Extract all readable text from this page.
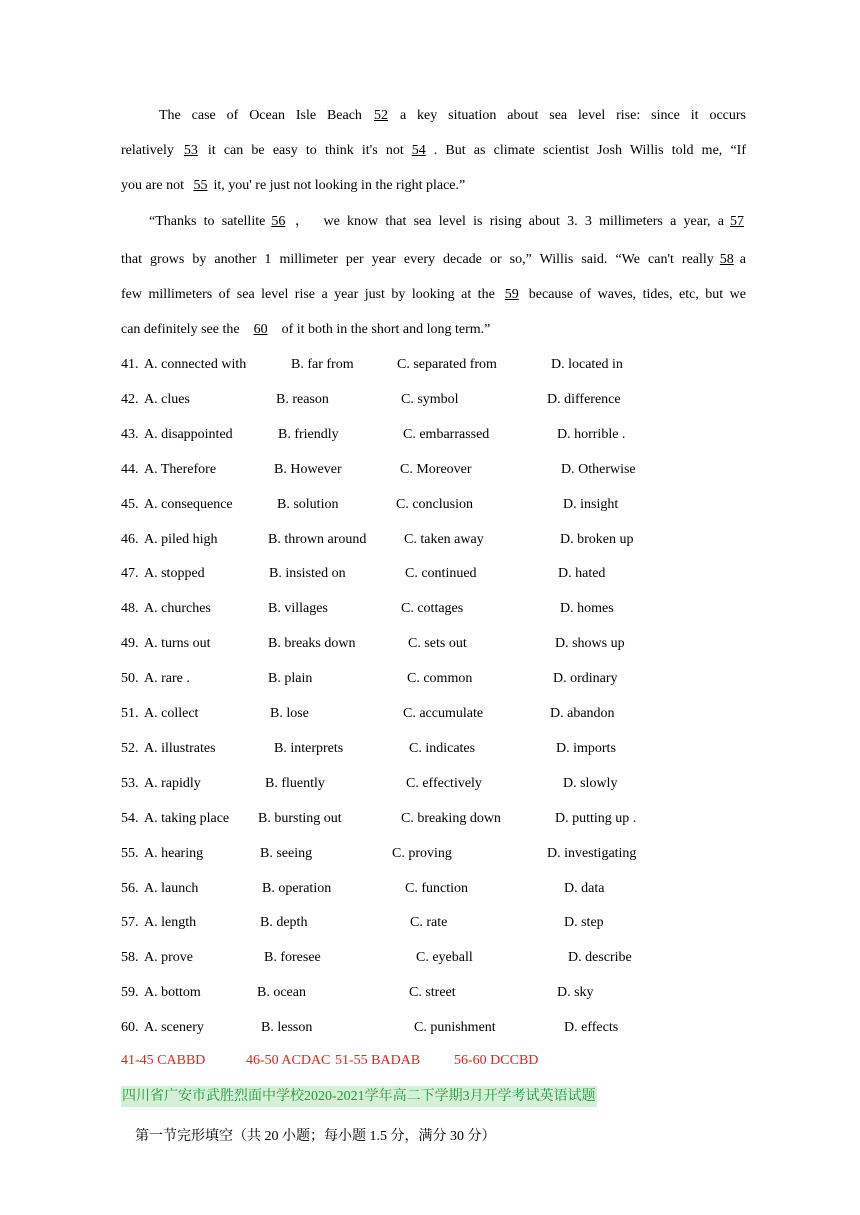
The case of Ocean Isle Beach 52 a key situation about sea level rise: since it occurs
relatively 53 it can be easy to think it's not 54 . But as climate scientist Josh Willis told me, “If
you are not 55 it, you' re just not looking in the right place.”
“Thanks to satellite 56 ，　we know that sea level is rising about 3. 3 millimeters a year, a 57
that grows by another 1 millimeter per year every decade or so,” Willis said. “We can't really 58 a
few millimeters of sea level rise a year just by looking at the 59 because of waves, tides, etc, but we
can definitely see the 60 of it both in the short and long term.”
41. A. connected with	B. far from	C. separated from	D. located in
42. A. clues	B. reason	C. symbol	D. difference
43. A. disappointed	B. friendly	C. embarrassed	D. horrible .
44. A. Therefore	B. However	C. Moreover	D. Otherwise
45. A. consequence	B. solution	C. conclusion	D. insight
46. A. piled high	B. thrown around	C. taken away	D. broken up
47. A. stopped	B. insisted on	C. continued	D. hated
48. A. churches	B. villages	C. cottages	D. homes
49. A. turns out	B. breaks down	C. sets out	D. shows up
50. A. rare .	B. plain	C. common	D. ordinary
51. A. collect	B. lose	C. accumulate	D. abandon
52. A. illustrates	B. interprets	C. indicates	D. imports
53. A. rapidly	B. fluently	C. effectively	D. slowly
54. A. taking place B. bursting out	C. breaking down	D. putting up .
55. A. hearing	B. seeing	C. proving	D. investigating
56. A. launch	B. operation	C. function	D. data
57. A. length	B. depth	C. rate	D. step
58. A. prove	B. foresee	C. eyeball	D. describe
59. A. bottom	B. ocean	C. street	D. sky
60. A. scenery	B. lesson	C. punishment	D. effects
41-45 CABBD	46-50 ACDAC 51-55 BADAB 56-60 DCCBD
四川省广安市武胜烈面中学校2020-2021学年高二下学期3月开学考试英语试题
第一节完形填空（共 20 小题；每小题 1.5 分，满分 30 分）
